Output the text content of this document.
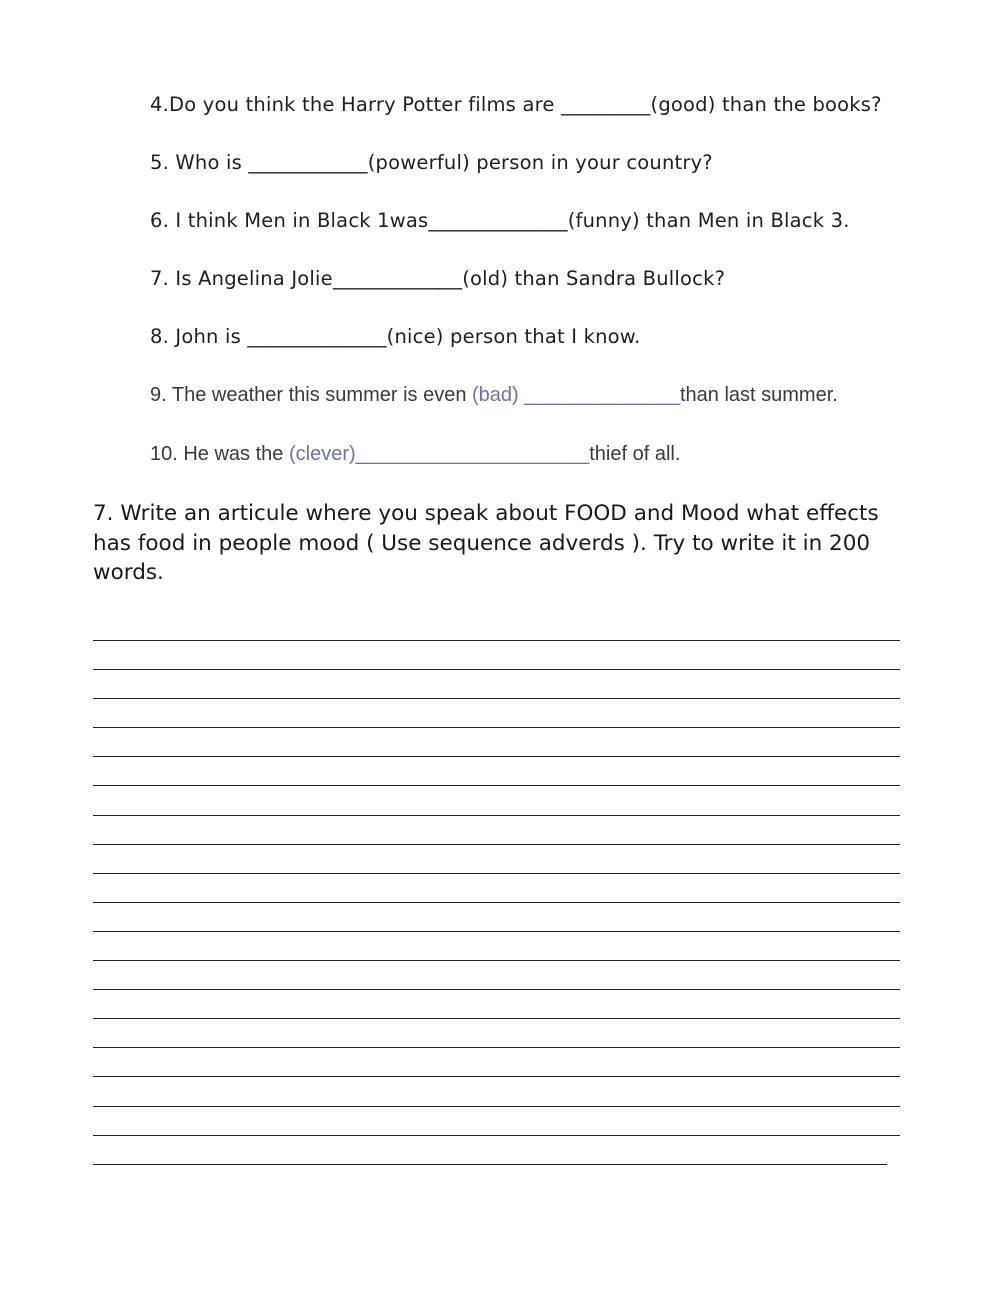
4.Do you think the Harry Potter films are _________(good) than the books?
5. Who is ____________(powerful) person in your country?
6. I think Men in Black 1was______________(funny) than Men in Black 3.
7. Is Angelina Jolie_____________(old) than Sandra Bullock?
8. John is ______________(nice) person that I know.
9. The weather this summer is even (bad) ______________than last summer.
10. He was the (clever)_____________________thief of all.

7. Write an articule where you speak about FOOD and Mood what effects has food in people mood ( Use sequence adverds ). Try to write it in 200 words.
